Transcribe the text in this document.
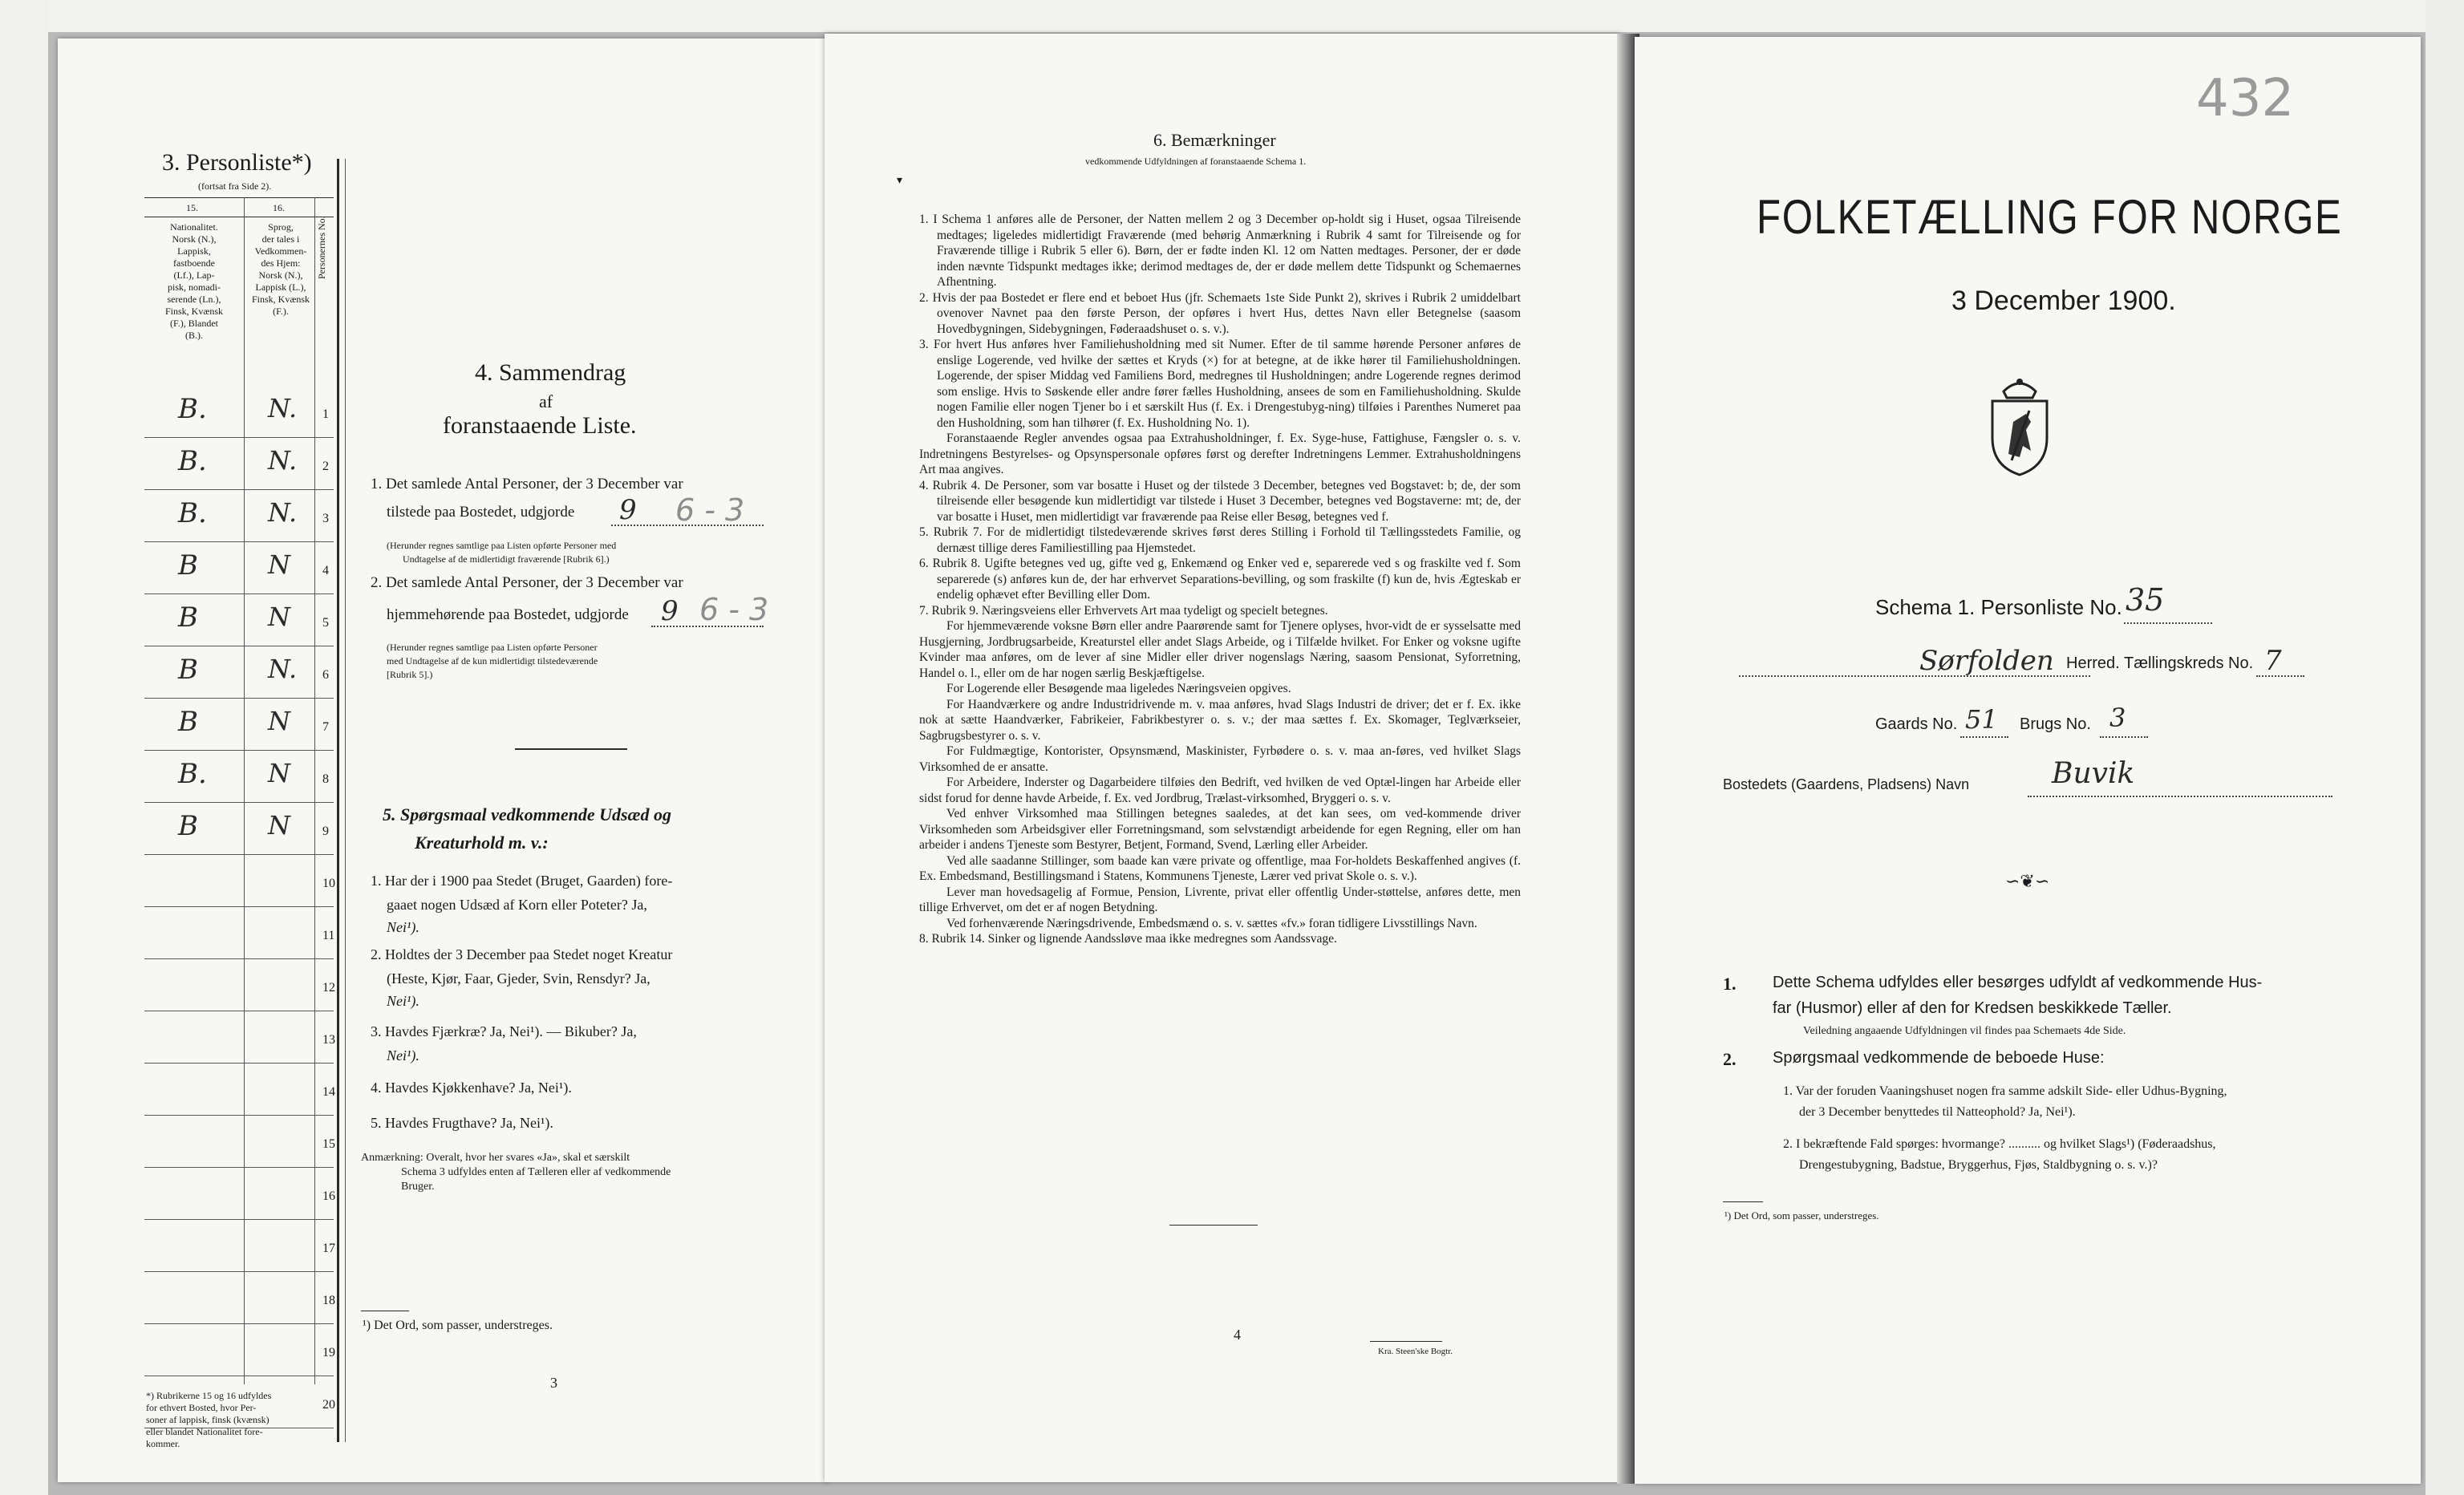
3. Personliste*)
(fortsat fra Side 2).
15.	16.
Nationalitet.
Norsk (N.),
Lappisk,
fastboende
(Lf.), Lap-
pisk, nomadi-
serende (Ln.),
Finsk, Kvænsk
(F.), Blandet
(B.).
Sprog,
der tales i
Vedkommen-
des Hjem:
Norsk (N.),
Lappisk (L.),
Finsk, Kvænsk
(F.).
Personernes No.
B. N. 1
B. N. 2
B. N. 3
B	N	4
B	N	5
B	N. 6
B	N	7
B. N	8
B	N	9
10
11
12
13
14
15
16
17
18
19
20
*) Rubrikerne 15 og 16 udfyldes
for ethvert Bosted, hvor Per-
soner af lappisk, finsk (kvænsk)
eller blandet Nationalitet fore-
kommer.
4. Sammendrag
af
foranstaaende Liste.
1. Det samlede Antal Personer, der 3 December var
tilstede paa Bostedet, udgjorde 9 6 - 3
(Herunder regnes samtlige paa Listen opførte Personer med
Undtagelse af de midlertidigt fraværende [Rubrik 6].)
2. Det samlede Antal Personer, der 3 December var
hjemmehørende paa Bostedet, udgjorde 9 6 - 3
(Herunder regnes samtlige paa Listen opførte Personer
med Undtagelse af de kun midlertidigt tilstedeværende
[Rubrik 5].)
5. Spørgsmaal vedkommende Udsæd og
Kreaturhold m. v.:
1. Har der i 1900 paa Stedet (Bruget, Gaarden) fore-
gaaet nogen Udsæd af Korn eller Poteter? Ja,
Nei¹).
2. Holdtes der 3 December paa Stedet noget Kreatur
(Heste, Kjør, Faar, Gjeder, Svin, Rensdyr? Ja,
Nei¹).
3. Havdes Fjærkræ? Ja, Nei¹). — Bikuber? Ja,
Nei¹).
4. Havdes Kjøkkenhave? Ja, Nei¹).
5. Havdes Frugthave? Ja, Nei¹).
Anmærkning: Overalt, hvor her svares «Ja», skal et særskilt
Schema 3 udfyldes enten af Tælleren eller af vedkommende
Bruger.
¹) Det Ord, som passer, understreges.
3
6. Bemærkninger
vedkommende Udfyldningen af foranstaaende Schema 1.
▾

1. I Schema 1 anføres alle de Personer, der Natten mellem 2 og 3 December op-holdt sig i Huset, ogsaa Tilreisende medtages; ligeledes midlertidigt Fraværende (med behørig Anmærkning i Rubrik 4 samt for Tilreisende og for Fraværende tillige i Rubrik 5 eller 6). Børn, der er fødte inden Kl. 12 om Natten medtages. Personer, der er døde inden nævnte Tidspunkt medtages ikke; derimod medtages de, der er døde mellem dette Tidspunkt og Schemaernes Afhentning.

2. Hvis der paa Bostedet er flere end et beboet Hus (jfr. Schemaets 1ste Side Punkt 2), skrives i Rubrik 2 umiddelbart ovenover Navnet paa den første Person, der opføres i hvert Hus, dettes Navn eller Betegnelse (saasom Hovedbygningen, Sidebygningen, Føderaadshuset o. s. v.).

3. For hvert Hus anføres hver Familiehusholdning med sit Numer. Efter de til samme hørende Personer anføres de enslige Logerende, ved hvilke der sættes et Kryds (×) for at betegne, at de ikke hører til Familiehusholdningen. Logerende, der spiser Middag ved Familiens Bord, medregnes til Husholdningen; andre Logerende regnes derimod som enslige. Hvis to Søskende eller andre fører fælles Husholdning, ansees de som en Familiehusholdning. Skulde nogen Familie eller nogen Tjener bo i et særskilt Hus (f. Ex. i Drengestubyg-ning) tilføies i Parenthes Numeret paa den Husholdning, som han tilhører (f. Ex. Husholdning No. 1).

Foranstaaende Regler anvendes ogsaa paa Extrahusholdninger, f. Ex. Syge-huse, Fattighuse, Fængsler o. s. v. Indretningens Bestyrelses- og Opsynspersonale opføres først og derefter Indretningens Lemmer. Extrahusholdningens Art maa angives.

4. Rubrik 4. De Personer, som var bosatte i Huset og der tilstede 3 December, betegnes ved Bogstavet: b; de, der som tilreisende eller besøgende kun midlertidigt var tilstede i Huset 3 December, betegnes ved Bogstaverne: mt; de, der var bosatte i Huset, men midlertidigt var fraværende paa Reise eller Besøg, betegnes ved f.

5. Rubrik 7. For de midlertidigt tilstedeværende skrives først deres Stilling i Forhold til Tællingsstedets Familie, og dernæst tillige deres Familiestilling paa Hjemstedet.

6. Rubrik 8. Ugifte betegnes ved ug, gifte ved g, Enkemænd og Enker ved e, separerede ved s og fraskilte ved f. Som separerede (s) anføres kun de, der har erhvervet Separations-bevilling, og som fraskilte (f) kun de, hvis Ægteskab er endelig ophævet efter Bevilling eller Dom.

7. Rubrik 9. Næringsveiens eller Erhvervets Art maa tydeligt og specielt betegnes.

For hjemmeværende voksne Børn eller andre Paarørende samt for Tjenere oplyses, hvor-vidt de er sysselsatte med Husgjerning, Jordbrugsarbeide, Kreaturstel eller andet Slags Arbeide, og i Tilfælde hvilket. For Enker og voksne ugifte Kvinder maa anføres, om de lever af sine Midler eller driver nogenslags Næring, saasom Pensionat, Syforretning, Handel o. l., eller om de har nogen særlig Beskjæftigelse.

For Logerende eller Besøgende maa ligeledes Næringsveien opgives.

For Haandværkere og andre Industridrivende m. v. maa anføres, hvad Slags Industri de driver; det er f. Ex. ikke nok at sætte Haandværker, Fabrikeier, Fabrikbestyrer o. s. v.; der maa sættes f. Ex. Skomager, Teglværkseier, Sagbrugsbestyrer o. s. v.

For Fuldmægtige, Kontorister, Opsynsmænd, Maskinister, Fyrbødere o. s. v. maa an-føres, ved hvilket Slags Virksomhed de er ansatte.

For Arbeidere, Inderster og Dagarbeidere tilføies den Bedrift, ved hvilken de ved Optæl-lingen har Arbeide eller sidst forud for denne havde Arbeide, f. Ex. ved Jordbrug, Trælast-virksomhed, Bryggeri o. s. v.

Ved enhver Virksomhed maa Stillingen betegnes saaledes, at det kan sees, om ved-kommende driver Virksomheden som Arbeidsgiver eller Forretningsmand, som selvstændigt arbeidende for egen Regning, eller om han arbeider i andens Tjeneste som Bestyrer, Betjent, Formand, Svend, Lærling eller Arbeider.

Ved alle saadanne Stillinger, som baade kan være private og offentlige, maa For-holdets Beskaffenhed angives (f. Ex. Embedsmand, Bestillingsmand i Statens, Kommunens Tjeneste, Lærer ved privat Skole o. s. v.).

Lever man hovedsagelig af Formue, Pension, Livrente, privat eller offentlig Under-støttelse, anføres dette, men tillige Erhvervet, om det er af nogen Betydning.

Ved forhenværende Næringsdrivende, Embedsmænd o. s. v. sættes «fv.» foran tidligere Livsstillings Navn.

8. Rubrik 14. Sinker og lignende Aandssløve maa ikke medregnes som Aandssvage.

4
Kra. Steen'ske Bogtr.
432
FOLKETÆLLING FOR NORGE
3 December 1900.
Schema 1. Personliste No. 35
Sørfolden Herred. Tællingskreds No. 7
Gaards No. 51 Brugs No. 3
Bostedets (Gaardens, Pladsens) Navn	Buvik
∽❦∽
1. Dette Schema udfyldes eller besørges udfyldt af vedkommende Hus-
far (Husmor) eller af den for Kredsen beskikkede Tæller.
Veiledning angaaende Udfyldningen vil findes paa Schemaets 4de Side.
2. Spørgsmaal vedkommende de beboede Huse:
1. Var der foruden Vaaningshuset nogen fra samme adskilt Side- eller Udhus-Bygning,
der 3 December benyttedes til Natteophold? Ja, Nei¹).
2. I bekræftende Fald spørges: hvormange? .......... og hvilket Slags¹) (Føderaadshus,
Drengestubygning, Badstue, Bryggerhus, Fjøs, Staldbygning o. s. v.)?
¹) Det Ord, som passer, understreges.
